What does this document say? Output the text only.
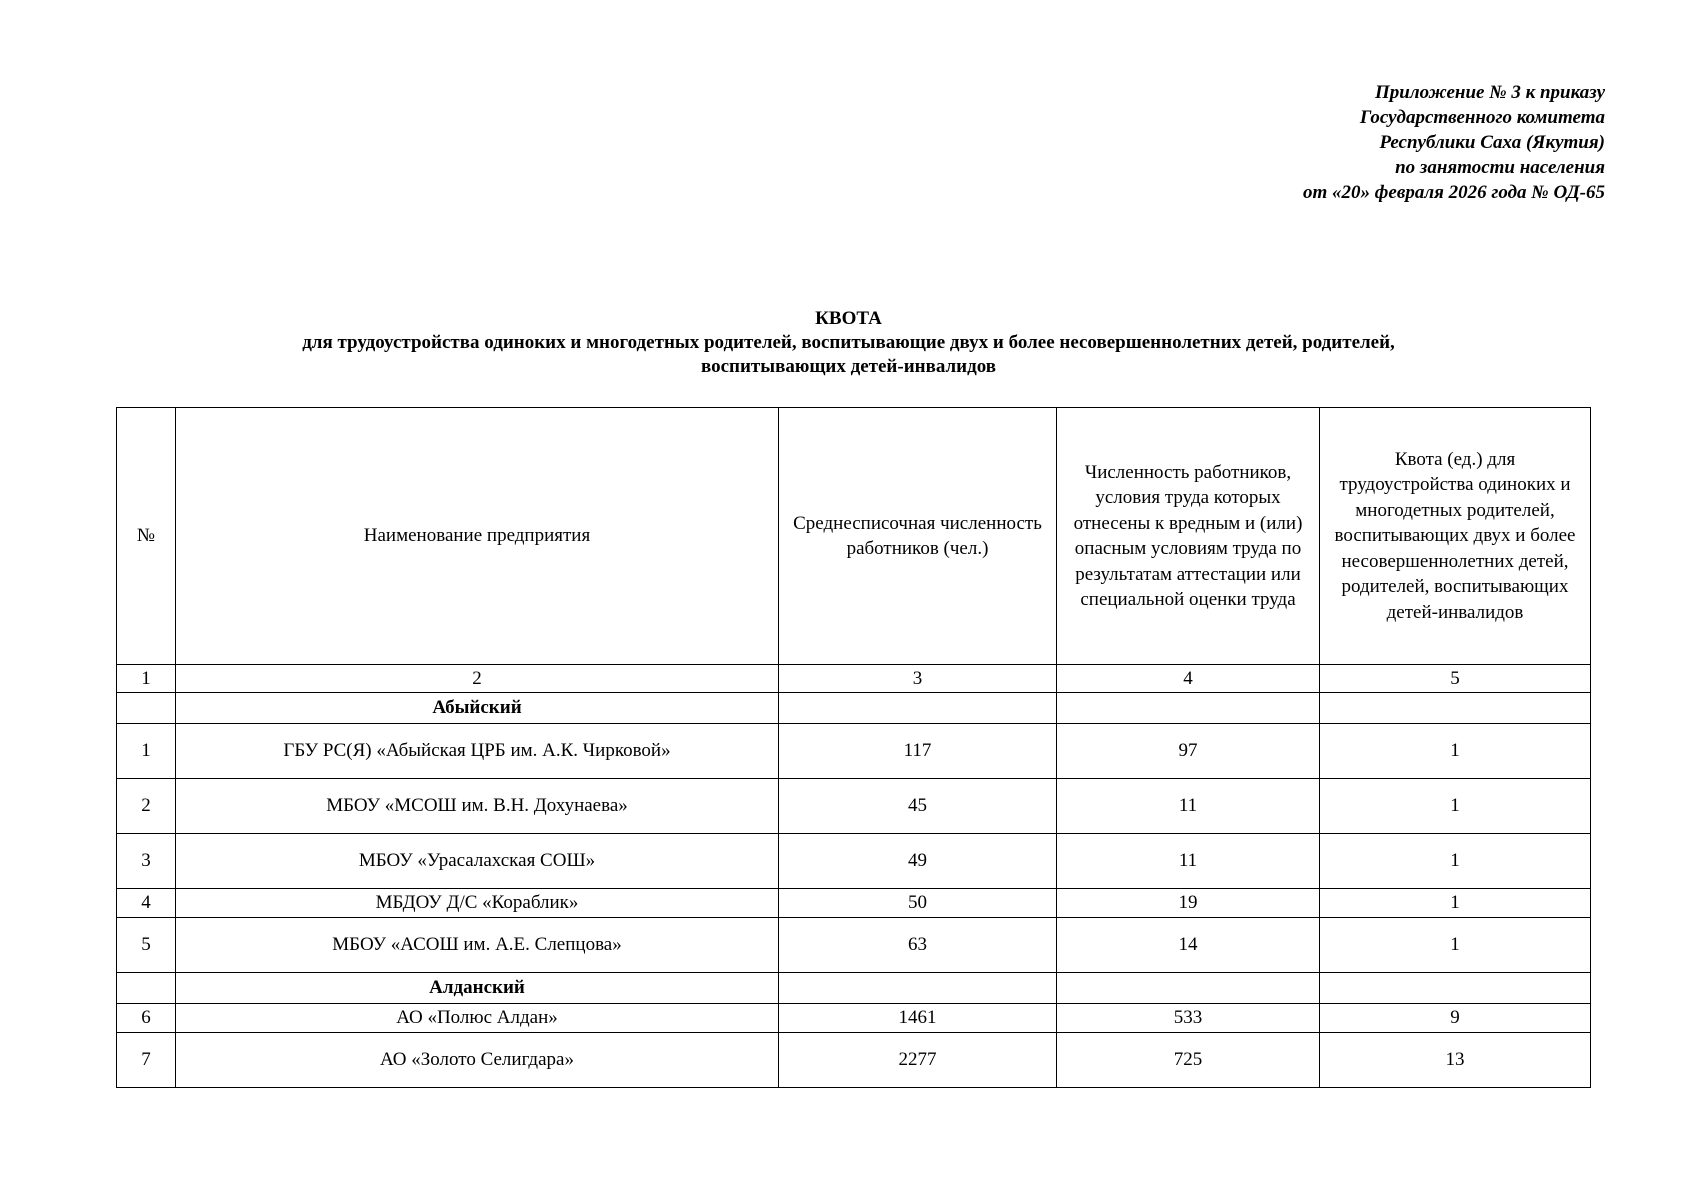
Приложение № 3 к приказу
Государственного комитета
Республики Саха (Якутия)
по занятости населения
от «20» февраля 2026 года № ОД-65
КВОТА
для трудоустройства одиноких и многодетных родителей, воспитывающие двух и более несовершеннолетних детей, родителей,
воспитывающих детей-инвалидов
№	Наименование предприятия	Среднесписочная численность работников (чел.)	Численность работников, условия труда которых отнесены к вредным и (или) опасным условиям труда по результатам аттестации или специальной оценки труда	Квота (ед.) для трудоустройства одиноких и многодетных родителей, воспитывающих двух и более несовершеннолетних детей, родителей, воспитывающих детей-инвалидов
1	2	3	4	5
	Абыйский			
1	ГБУ РС(Я) «Абыйская ЦРБ им. А.К. Чирковой»	117	97	1
2	МБОУ «МСОШ им. В.Н. Дохунаева»	45	11	1
3	МБОУ «Урасалахская СОШ»	49	11	1
4	МБДОУ Д/С «Кораблик»	50	19	1
5	МБОУ «АСОШ им. А.Е. Слепцова»	63	14	1
	Алданский			
6	АО «Полюс Алдан»	1461	533	9
7	АО «Золото Селигдара»	2277	725	13
